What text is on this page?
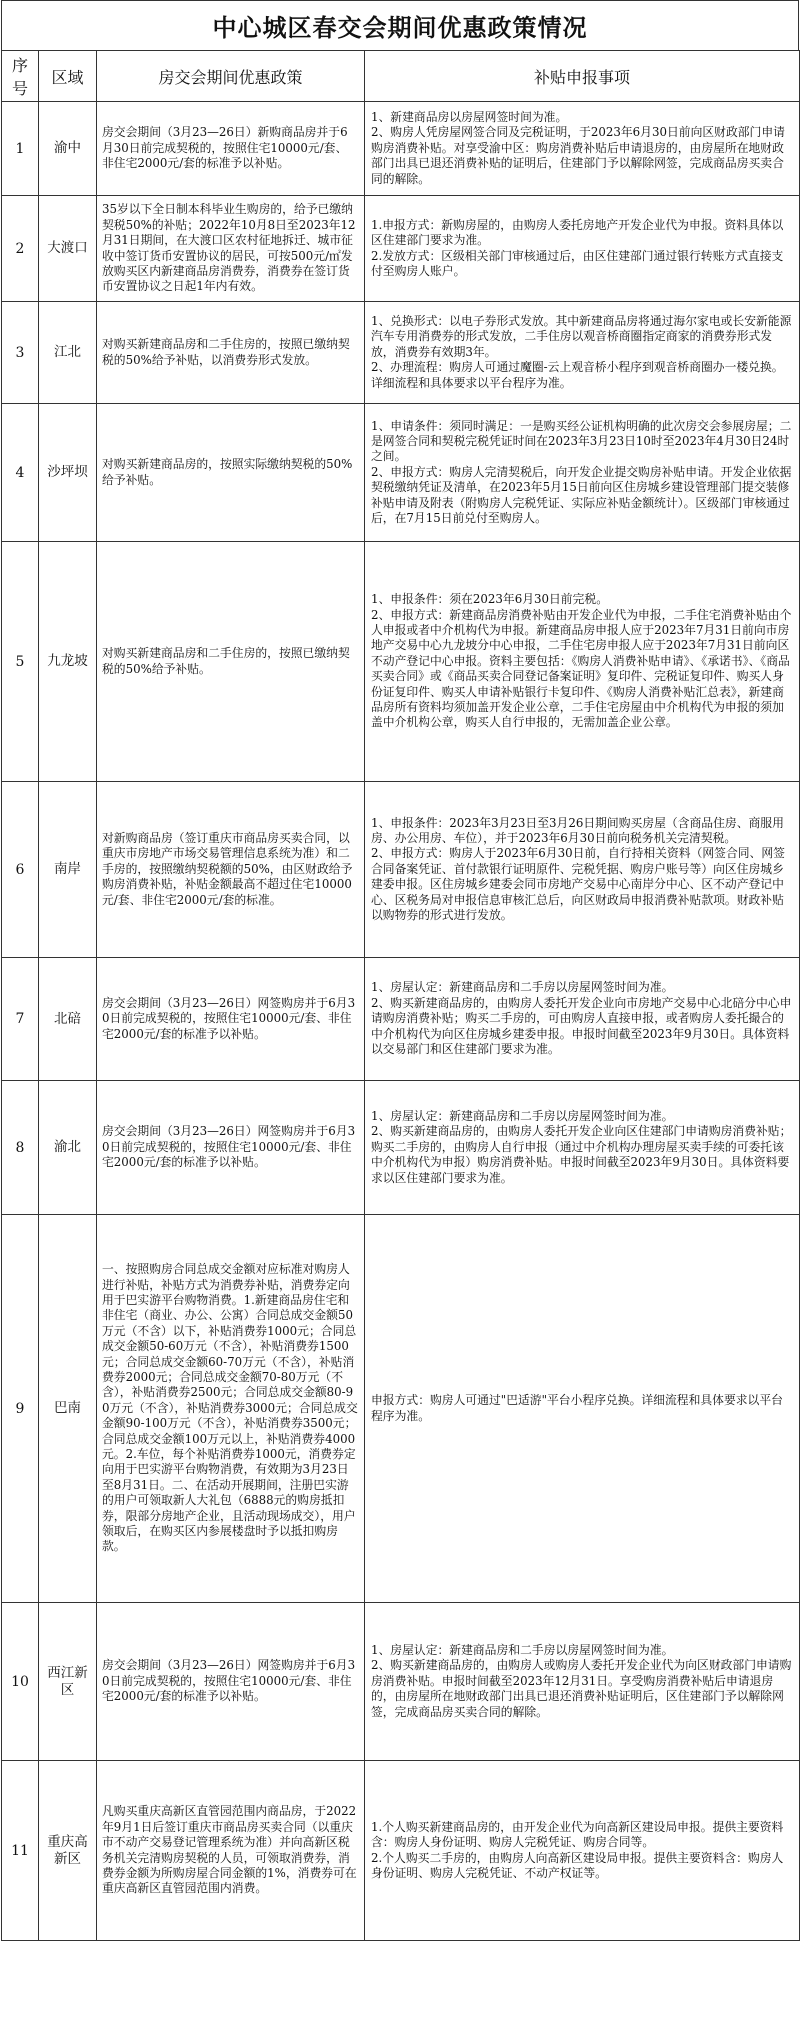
中心城区春交会期间优惠政策情况
序号	区域	房交会期间优惠政策	补贴申报事项
1	渝中	房交会期间（3月23—26日）新购商品房并于6月30日前完成契税的，按照住宅10000元/套、非住宅2000元/套的标准予以补贴。	1、新建商品房以房屋网签时间为准。
2、购房人凭房屋网签合同及完税证明，于2023年6月30日前向区财政部门申请购房消费补贴。对享受渝中区：购房消费补贴后申请退房的，由房屋所在地财政部门出具已退还消费补贴的证明后，住建部门予以解除网签，完成商品房买卖合同的解除。

2	大渡口	35岁以下全日制本科毕业生购房的，给予已缴纳契税50%的补贴；2022年10月8日至2023年12月31日期间，在大渡口区农村征地拆迁、城市征收中签订货币安置协议的居民，可按500元/㎡发放购买区内新建商品房消费券，消费券在签订货币安置协议之日起1年内有效。	1.申报方式：新购房屋的，由购房人委托房地产开发企业代为申报。资料具体以区住建部门要求为准。
2.发放方式：区级相关部门审核通过后，由区住建部门通过银行转账方式直接支付至购房人账户。

3	江北	对购买新建商品房和二手住房的，按照已缴纳契税的50%给予补贴，以消费券形式发放。	1、兑换形式：以电子券形式发放。其中新建商品房将通过海尔家电或长安新能源汽车专用消费券的形式发放，二手住房以观音桥商圈指定商家的消费券形式发放，消费券有效期3年。
2、办理流程：购房人可通过魔圈-云上观音桥小程序到观音桥商圈办一楼兑换。详细流程和具体要求以平台程序为准。

4	沙坪坝	对购买新建商品房的，按照实际缴纳契税的50%给予补贴。	1、申请条件：须同时满足：一是购买经公证机构明确的此次房交会参展房屋；二是网签合同和契税完税凭证时间在2023年3月23日10时至2023年4月30日24时之间。
2、申报方式：购房人完清契税后，向开发企业提交购房补贴申请。开发企业依据契税缴纳凭证及清单，在2023年5月15日前向区住房城乡建设管理部门提交装修补贴申请及附表（附购房人完税凭证、实际应补贴金额统计）。区级部门审核通过后，在7月15日前兑付至购房人。

5	九龙坡	对购买新建商品房和二手住房的，按照已缴纳契税的50%给予补贴。	1、申报条件：须在2023年6月30日前完税。
2、申报方式：新建商品房消费补贴由开发企业代为申报，二手住宅消费补贴由个人申报或者中介机构代为申报。新建商品房申报人应于2023年7月31日前向市房地产交易中心九龙坡分中心申报，二手住宅房申报人应于2023年7月31日前向区不动产登记中心申报。资料主要包括：《购房人消费补贴申请》、《承诺书》、《商品买卖合同》或《商品买卖合同登记备案证明》复印件、完税证复印件、购买人身份证复印件、购买人申请补贴银行卡复印件、《购房人消费补贴汇总表》，新建商品房所有资料均须加盖开发企业公章，二手住宅房屋由中介机构代为申报的须加盖中介机构公章，购买人自行申报的，无需加盖企业公章。

6	南岸	对新购商品房（签订重庆市商品房买卖合同，以重庆市房地产市场交易管理信息系统为准）和二手房的，按照缴纳契税额的50%，由区财政给予购房消费补贴，补贴金额最高不超过住宅10000元/套、非住宅2000元/套的标准。	1、申报条件：2023年3月23日至3月26日期间购买房屋（含商品住房、商服用房、办公用房、车位），并于2023年6月30日前向税务机关完清契税。
2、申报方式：购房人于2023年6月30日前，自行持相关资料（网签合同、网签合同备案凭证、首付款银行证明原件、完税凭据、购房户账号等）向区住房城乡建委申报。区住房城乡建委会同市房地产交易中心南岸分中心、区不动产登记中心、区税务局对申报信息审核汇总后，向区财政局申报消费补贴款项。财政补贴以购物券的形式进行发放。

7	北碚	房交会期间（3月23—26日）网签购房并于6月30日前完成契税的，按照住宅10000元/套、非住宅2000元/套的标准予以补贴。	1、房屋认定：新建商品房和二手房以房屋网签时间为准。
2、购买新建商品房的，由购房人委托开发企业向市房地产交易中心北碚分中心申请购房消费补贴；购买二手房的，可由购房人直接申报，或者购房人委托撮合的中介机构代为向区住房城乡建委申报。申报时间截至2023年9月30日。具体资料以交易部门和区住建部门要求为准。

8	渝北	房交会期间（3月23—26日）网签购房并于6月30日前完成契税的，按照住宅10000元/套、非住宅2000元/套的标准予以补贴。	1、房屋认定：新建商品房和二手房以房屋网签时间为准。
2、购买新建商品房的，由购房人委托开发企业向区住建部门申请购房消费补贴；购买二手房的，由购房人自行申报（通过中介机构办理房屋买卖手续的可委托该中介机构代为申报）购房消费补贴。申报时间截至2023年9月30日。具体资料要求以区住建部门要求为准。

9	巴南	一、按照购房合同总成交金额对应标准对购房人进行补贴，补贴方式为消费券补贴，消费券定向用于巴实游平台购物消费。1.新建商品房住宅和非住宅（商业、办公、公寓）合同总成交金额50万元（不含）以下，补贴消费券1000元；合同总成交金额50-60万元（不含），补贴消费券1500元；合同总成交金额60-70万元（不含），补贴消费券2000元；合同总成交金额70-80万元（不含），补贴消费券2500元；合同总成交金额80-90万元（不含），补贴消费券3000元；合同总成交金额90-100万元（不含），补贴消费券3500元；合同总成交金额100万元以上，补贴消费券4000元。2.车位，每个补贴消费券1000元，消费券定向用于巴实游平台购物消费，有效期为3月23日至8月31日。二、在活动开展期间，注册巴实游的用户可领取新人大礼包（6888元的购房抵扣券，限部分房地产企业，且活动现场成交），用户领取后，在购买区内参展楼盘时予以抵扣购房款。	申报方式：购房人可通过"巴适游"平台小程序兑换。详细流程和具体要求以平台程序为准。

10	西江新区	房交会期间（3月23—26日）网签购房并于6月30日前完成契税的，按照住宅10000元/套、非住宅2000元/套的标准予以补贴。	1、房屋认定：新建商品房和二手房以房屋网签时间为准。
2、购买新建商品房的，由购房人或购房人委托开发企业代为向区财政部门申请购房消费补贴。申报时间截至2023年12月31日。享受购房消费补贴后申请退房的，由房屋所在地财政部门出具已退还消费补贴证明后，区住建部门予以解除网签，完成商品房买卖合同的解除。

11	重庆高新区	凡购买重庆高新区直管园范围内商品房，于2022年9月1日后签订重庆市商品房买卖合同（以重庆市不动产交易登记管理系统为准）并向高新区税务机关完清购房契税的人员，可领取消费券，消费券金额为所购房屋合同金额的1%，消费券可在重庆高新区直管园范围内消费。	1.个人购买新建商品房的，由开发企业代为向高新区建设局申报。提供主要资料含：购房人身份证明、购房人完税凭证、购房合同等。
2.个人购买二手房的，由购房人向高新区建设局申报。提供主要资料含：购房人身份证明、购房人完税凭证、不动产权证等。
